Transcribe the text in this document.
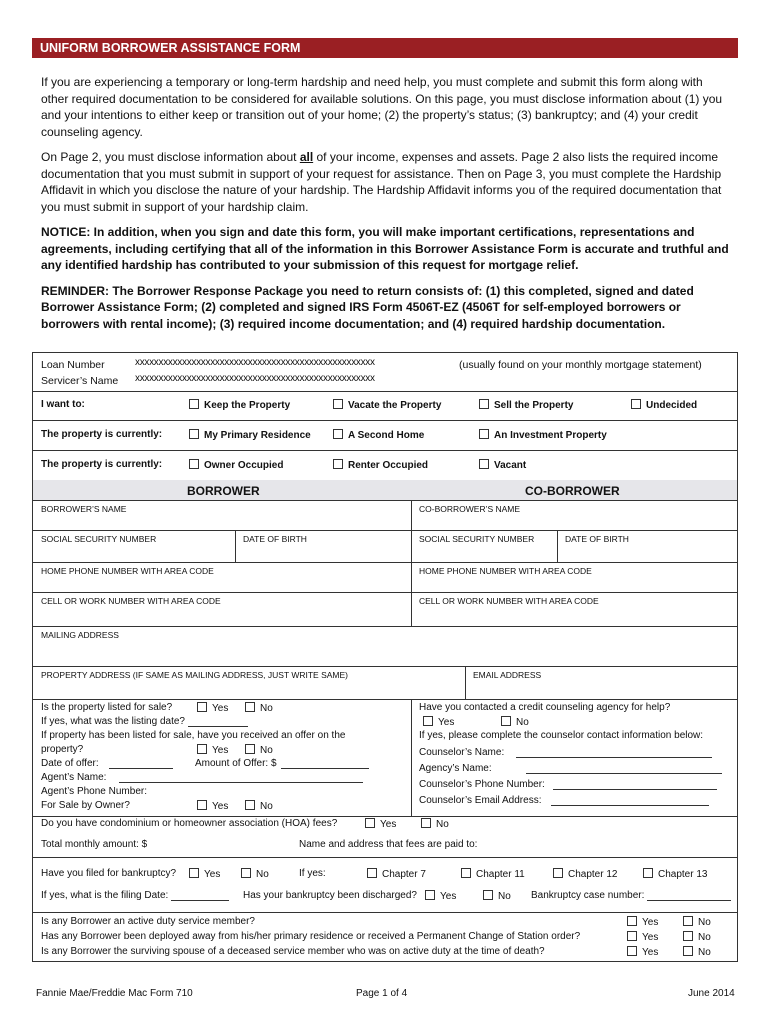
UNIFORM BORROWER ASSISTANCE FORM

If you are experiencing a temporary or long-term hardship and need help, you must complete and submit this form along with other required documentation to be considered for available solutions. On this page, you must disclose information about (1) you and your intentions to either keep or transition out of your home; (2) the property’s status; (3) bankruptcy; and (4) your credit counseling agency.

On Page 2, you must disclose information about all of your income, expenses and assets. Page 2 also lists the required income documentation that you must submit in support of your request for assistance. Then on Page 3, you must complete the Hardship Affidavit in which you disclose the nature of your hardship. The Hardship Affidavit informs you of the required documentation that you must submit in support of your hardship claim.

NOTICE: In addition, when you sign and date this form, you will make important certifications, representations and agreements, including certifying that all of the information in this Borrower Assistance Form is accurate and truthful and any identified hardship has contributed to your submission of this request for mortgage relief.

REMINDER: The Borrower Response Package you need to return consists of: (1) this completed, signed and dated Borrower Assistance Form; (2) completed and signed IRS Form 4506T-EZ (4506T for self-employed borrowers or borrowers with rental income); (3) required income documentation; and (4) required hardship documentation.

Loan Number	xxxxxxxxxxxxxxxxxxxxxxxxxxxxxxxxxxxxxxxxxxxxxxxxxxx	(usually found on your monthly mortgage statement)
Servicer’s Name xxxxxxxxxxxxxxxxxxxxxxxxxxxxxxxxxxxxxxxxxxxxxxxxxxx
I want to:	Keep the Property	Vacate the Property	Sell the Property	Undecided
The property is currently:	My Primary Residence	A Second Home	An Investment Property
The property is currently:	Owner Occupied	Renter Occupied	Vacant
BORROWER	CO-BORROWER
BORROWER’S NAME	CO-BORROWER’S NAME
SOCIAL SECURITY NUMBER	DATE OF BIRTH	SOCIAL SECURITY NUMBER	DATE OF BIRTH
HOME PHONE NUMBER WITH AREA CODE	HOME PHONE NUMBER WITH AREA CODE
CELL OR WORK NUMBER WITH AREA CODE	CELL OR WORK NUMBER WITH AREA CODE
MAILING ADDRESS
PROPERTY ADDRESS (IF SAME AS MAILING ADDRESS, JUST WRITE SAME)	EMAIL ADDRESS
Is the property listed for sale?	Yes	No
If yes, what was the listing date?
If property has been listed for sale, have you received an offer on the
property?	Yes	No
Date of offer:	Amount of Offer: $
Agent’s Name:
Agent’s Phone Number:
For Sale by Owner?	Yes	No
Have you contacted a credit counseling agency for help?
Yes	No
If yes, please complete the counselor contact information below:
Counselor’s Name:
Agency’s Name:
Counselor’s Phone Number:
Counselor’s Email Address:
Do you have condominium or homeowner association (HOA) fees?	Yes	No
Total monthly amount: $	Name and address that fees are paid to:
Have you filed for bankruptcy?	Yes	No	If yes:	Chapter 7	Chapter 11	Chapter 12	Chapter 13
If yes, what is the filing Date:	Has your bankruptcy been discharged?	Yes	No Bankruptcy case number:
Is any Borrower an active duty service member?	Yes	No
Has any Borrower been deployed away from his/her primary residence or received a Permanent Change of Station order?	Yes	No
Is any Borrower the surviving spouse of a deceased service member who was on active duty at the time of death?	Yes	No
Fannie Mae/Freddie Mac Form 710	Page 1 of 4	June 2014
